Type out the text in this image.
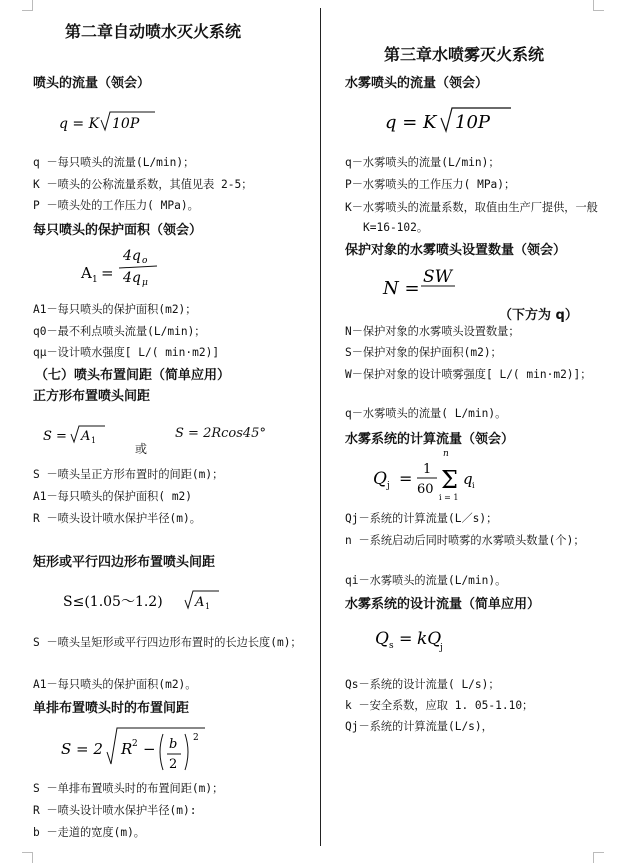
第二章自动喷水灭火系统
喷头的流量（领会）
q = K 10P
q －每只喷头的流量(L/min)；
K －喷头的公称流量系数，其值见表 2-5；
P －喷头处的工作压力( MPa)。
每只喷头的保护面积（领会）
A 1 =
4q o
4q μ
A1－每只喷头的保护面积(m2)；
q0－最不利点喷头流量(L/min)；
qμ－设计喷水强度[ L/( min·m2)]
（七）喷头布置间距（简单应用）
正方形布置喷头间距
S = A 1
或
S = 2Rcos45°
S －喷头呈正方形布置时的间距(m)；
A1－每只喷头的保护面积( m2)
R －喷头设计喷水保护半径(m)。
矩形或平行四边形布置喷头间距
S≤(1.05～1.2) A 1
S －喷头呈矩形或平行四边形布置时的长边长度(m)；
A1－每只喷头的保护面积(m2)。
单排布置喷头时的布置间距
S = 2 R 2 − b
2
2
S －单排布置喷头时的布置间距(m)；
R －喷头设计喷水保护半径(m):
b －走道的宽度(m)。
第三章水喷雾灭火系统
水雾喷头的流量（领会）
q = K 10P
q－水雾喷头的流量(L/min)；
P－水雾喷头的工作压力( MPa)；
K－水雾喷头的流量系数，取值由生产厂提供，一般 K=16-102。
保护对象的水雾喷头设置数量（领会）
N =
SW
（下方为 q）
N－保护对象的水雾喷头设置数量；
S－保护对象的保护面积(m2)；
W－保护对象的设计喷雾强度[ L/( min·m2)]；
q－水雾喷头的流量( L/min)。
水雾系统的计算流量（领会）
Q j = 1
60
n
Σ
i = 1
q i
Qj－系统的计算流量(L／s)；
n －系统启动后同时喷雾的水雾喷头数量(个)；
qi－水雾喷头的流量(L/min)。
水雾系统的设计流量（简单应用）
Q s = kQ
j
Qs－系统的设计流量( L/s)；
k －安全系数，应取 1. 05-1.10；
Qj－系统的计算流量(L/s)，
